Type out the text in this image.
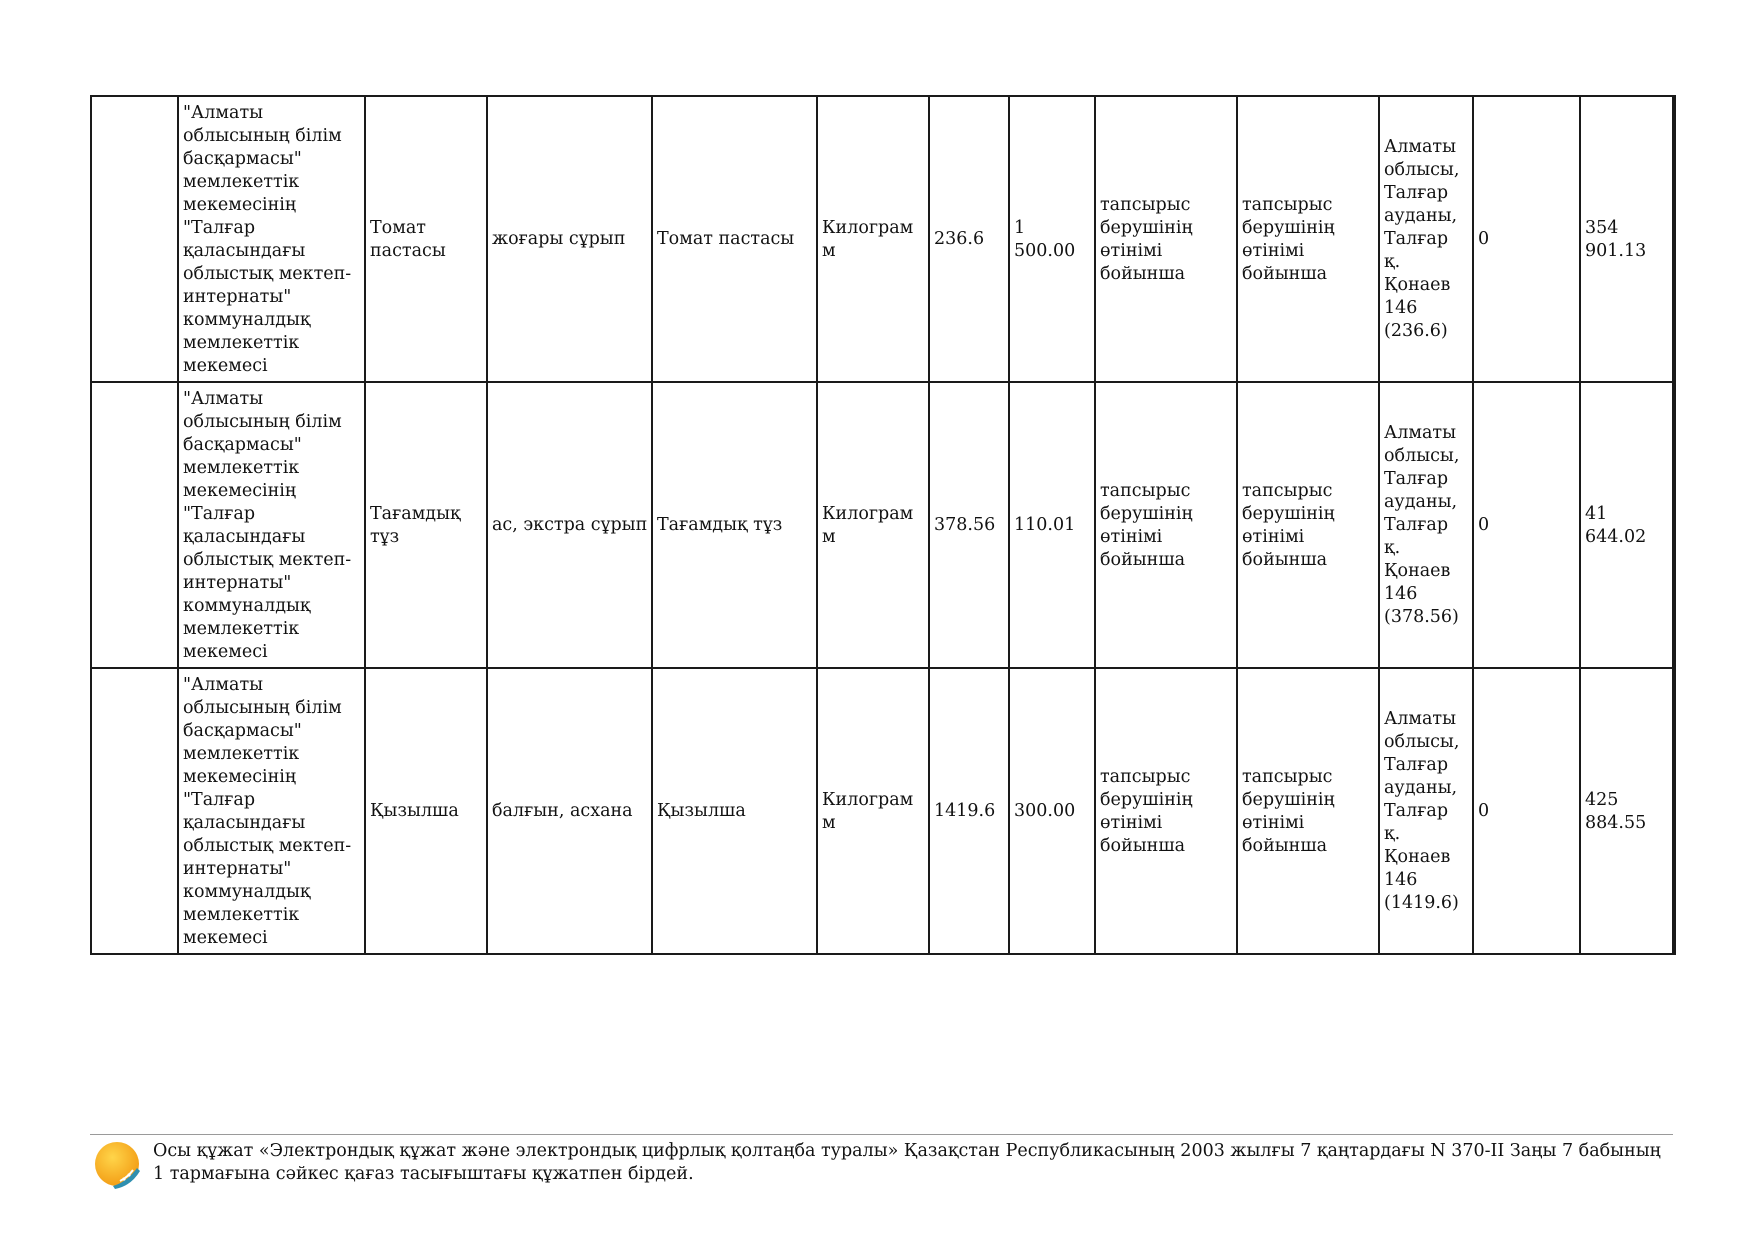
	"Алматы облысының білім басқармасы" мемлекеттік мекемесінің "Талғар қаласындағы облыстық мектеп-интернаты" коммуналдық мемлекеттік мекемесі	Томат пастасы	жоғары сұрып	Томат пастасы	Килограмм	236.6	1 500.00	тапсырыс берушінің өтінімі бойынша	тапсырыс берушінің өтінімі бойынша	Алматы облысы, Талғар ауданы, Талғар қ. Қонаев 146 (236.6)	0	354 901.13
	"Алматы облысының білім басқармасы" мемлекеттік мекемесінің "Талғар қаласындағы облыстық мектеп-интернаты" коммуналдық мемлекеттік мекемесі	Тағамдық тұз	ас, экстра сұрып	Тағамдық тұз	Килограмм	378.56	110.01	тапсырыс берушінің өтінімі бойынша	тапсырыс берушінің өтінімі бойынша	Алматы облысы, Талғар ауданы, Талғар қ. Қонаев 146 (378.56)	0	41 644.02
	"Алматы облысының білім басқармасы" мемлекеттік мекемесінің "Талғар қаласындағы облыстық мектеп-интернаты" коммуналдық мемлекеттік мекемесі	Қызылша	балғын, асхана	Қызылша	Килограмм	1419.6	300.00	тапсырыс берушінің өтінімі бойынша	тапсырыс берушінің өтінімі бойынша	Алматы облысы, Талғар ауданы, Талғар қ. Қонаев 146 (1419.6)	0	425 884.55
Осы құжат «Электрондық құжат және электрондық цифрлық қолтаңба туралы» Қазақстан Республикасының 2003 жылғы 7 қаңтардағы N 370-II Заңы 7 бабының 1 тармағына сәйкес қағаз тасығыштағы құжатпен бірдей.
